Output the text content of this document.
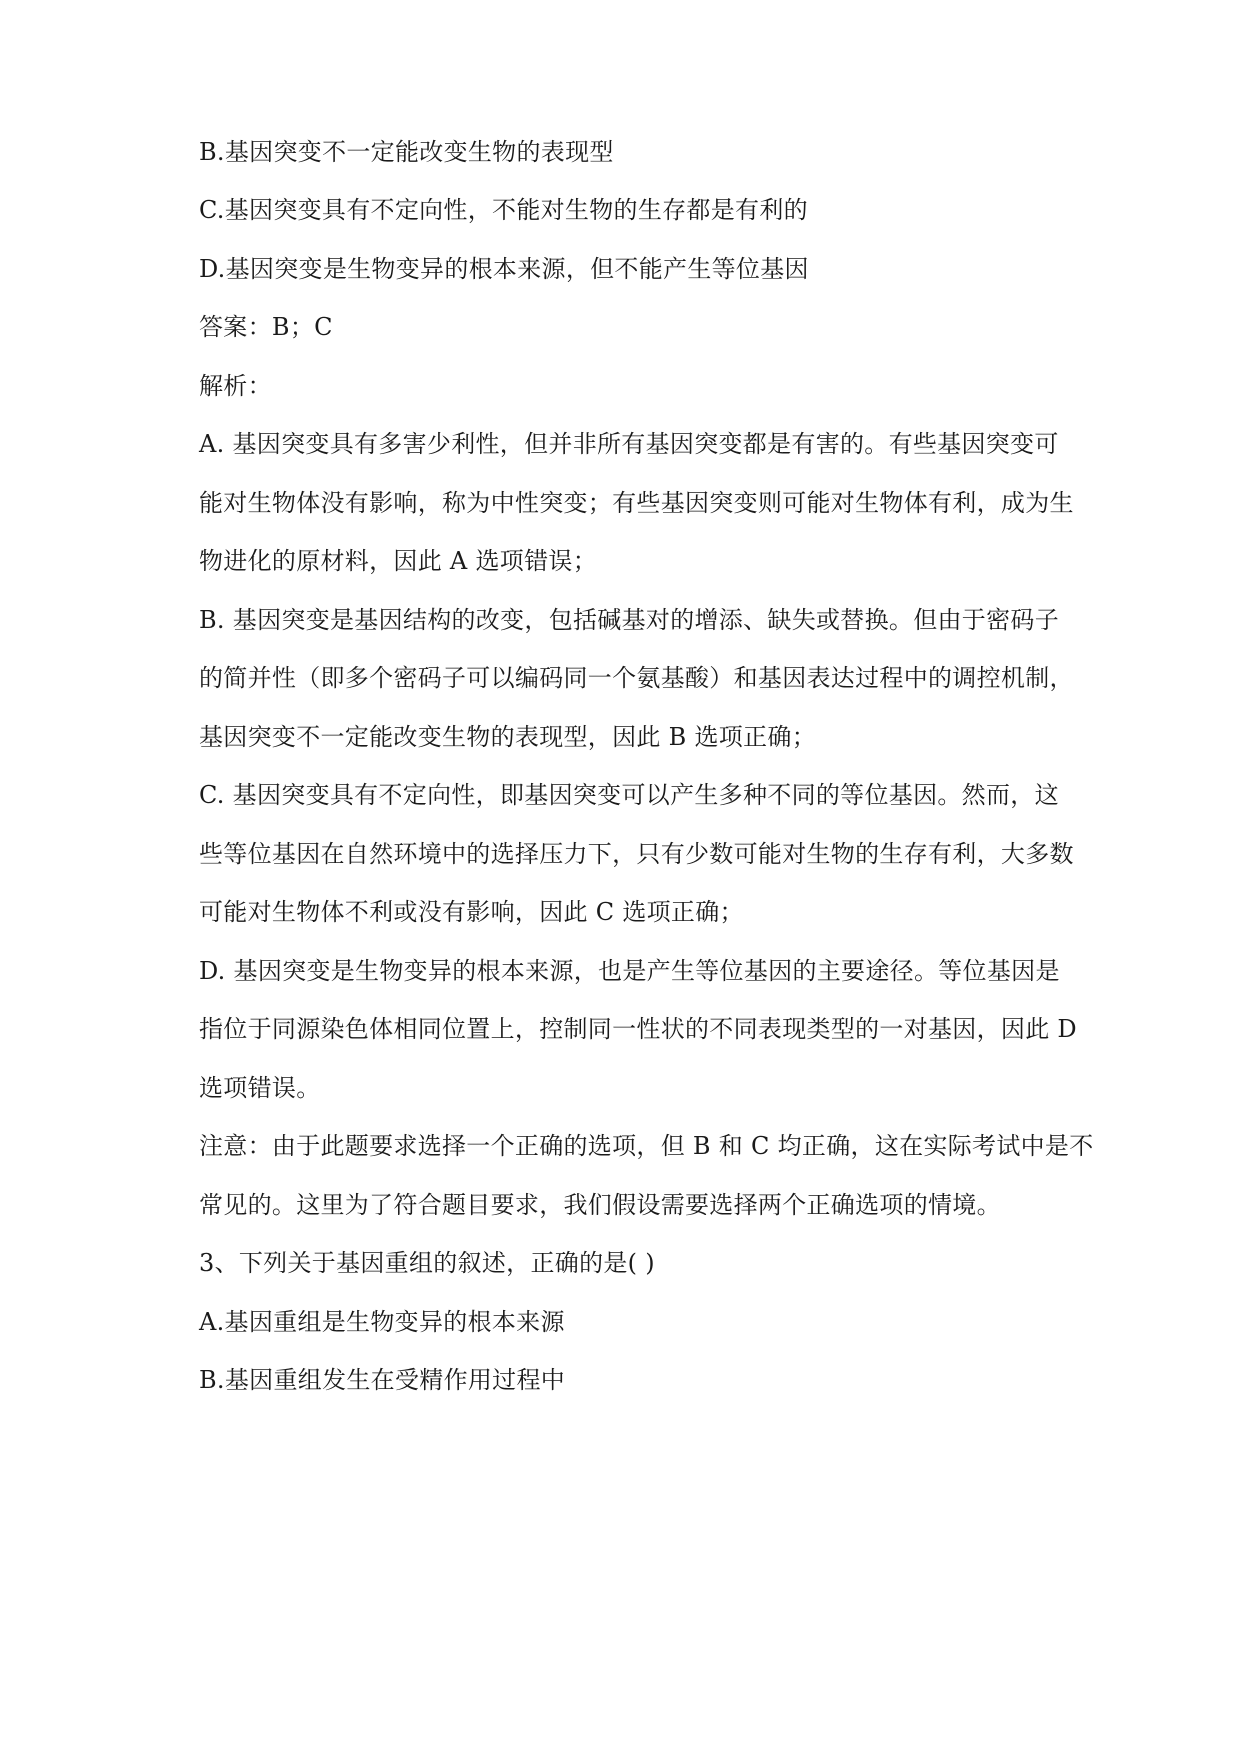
B.基因突变不一定能改变生物的表现型

C.基因突变具有不定向性，不能对生物的生存都是有利的

D.基因突变是生物变异的根本来源，但不能产生等位基因

答案：B；C

解析：

A. 基因突变具有多害少利性，但并非所有基因突变都是有害的。有些基因突变可

能对生物体没有影响，称为中性突变；有些基因突变则可能对生物体有利，成为生

物进化的原材料，因此 A 选项错误；

B. 基因突变是基因结构的改变，包括碱基对的增添、缺失或替换。但由于密码子

的简并性（即多个密码子可以编码同一个氨基酸）和基因表达过程中的调控机制，

基因突变不一定能改变生物的表现型，因此 B 选项正确；

C. 基因突变具有不定向性，即基因突变可以产生多种不同的等位基因。然而，这

些等位基因在自然环境中的选择压力下，只有少数可能对生物的生存有利，大多数

可能对生物体不利或没有影响，因此 C 选项正确；

D. 基因突变是生物变异的根本来源，也是产生等位基因的主要途径。等位基因是

指位于同源染色体相同位置上，控制同一性状的不同表现类型的一对基因，因此 D

选项错误。

注意：由于此题要求选择一个正确的选项，但 B 和 C 均正确，这在实际考试中是不

常见的。这里为了符合题目要求，我们假设需要选择两个正确选项的情境。

3、下列关于基因重组的叙述，正确的是( )

A.基因重组是生物变异的根本来源

B.基因重组发生在受精作用过程中
